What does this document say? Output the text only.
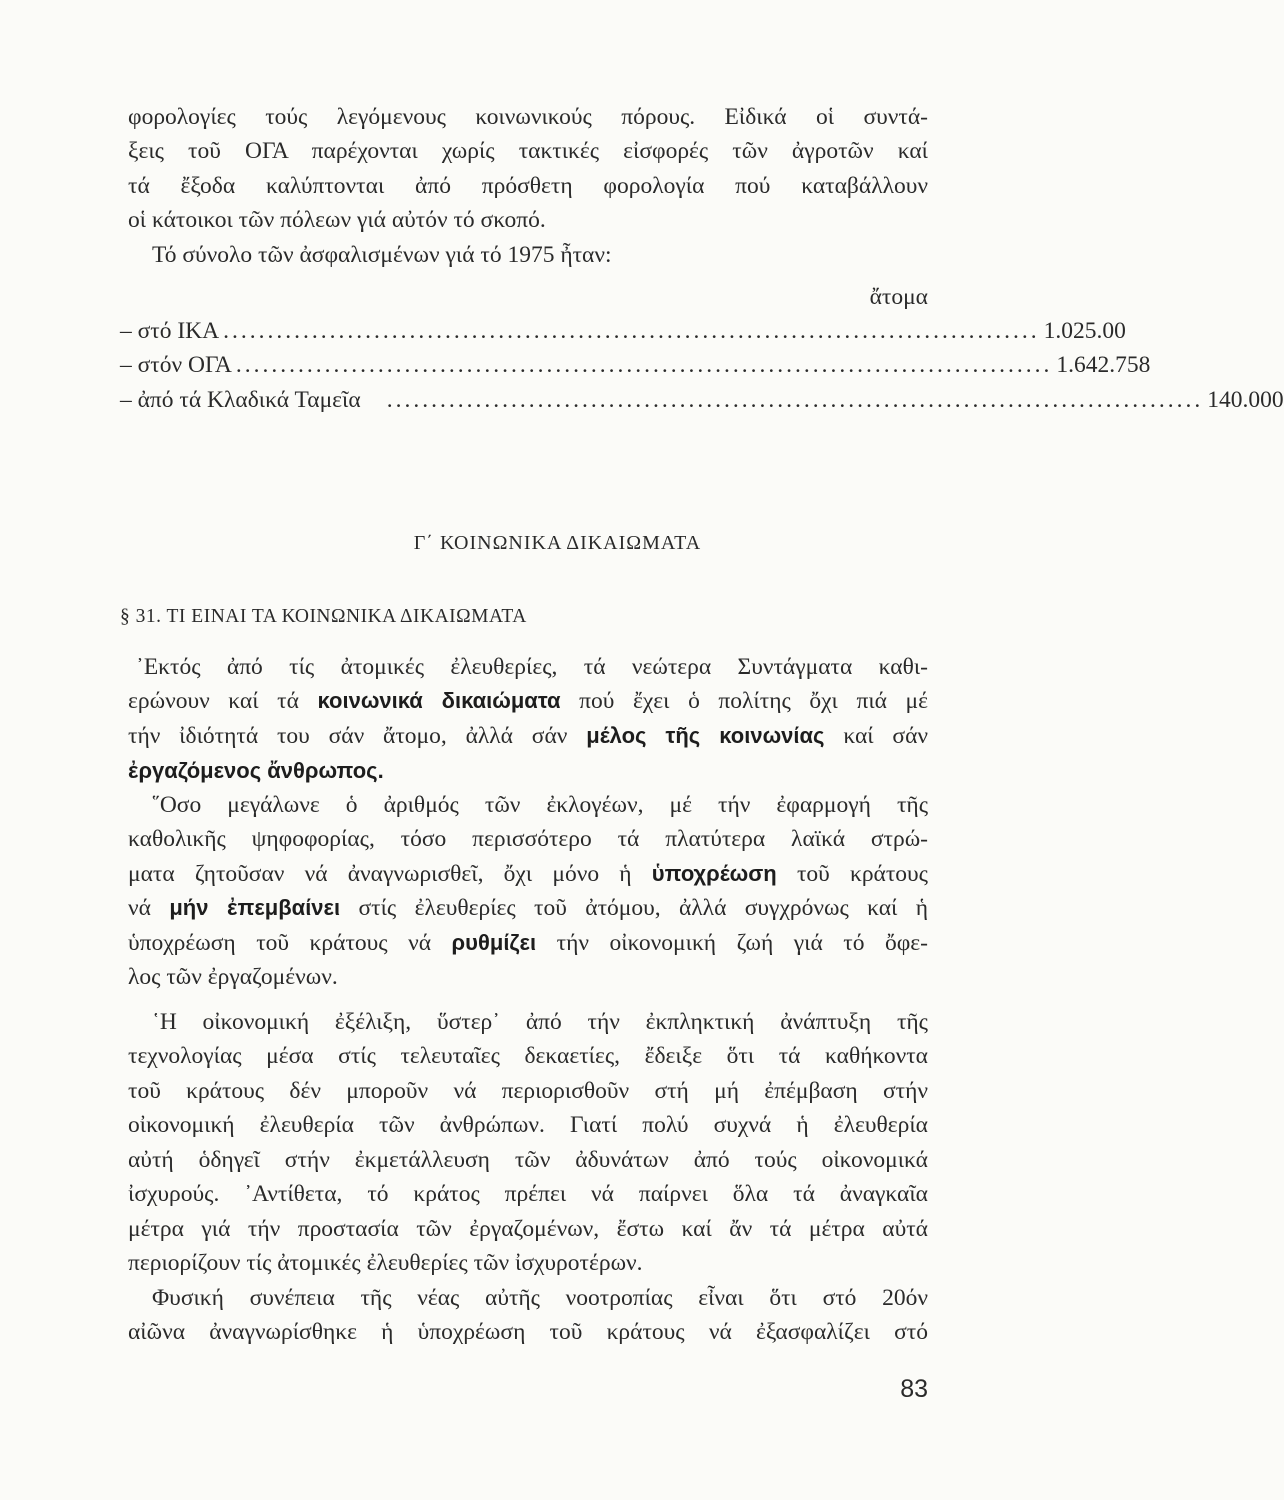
φορολογίες τούς λεγόμενους κοινωνικούς πόρους. Εἰδικά οἱ συντά-
ξεις τοῦ ΟΓΑ παρέχονται χωρίς τακτικές εἰσφορές τῶν ἀγροτῶν καί
τά ἔξοδα καλύπτονται ἀπό πρόσθετη φορολογία πού καταβάλλουν
οἱ κάτοικοι τῶν πόλεων γιά αὐτόν τό σκοπό.
Τό σύνολο τῶν ἀσφαλισμένων γιά τό 1975 ἦταν:
ἄτομα
– στό ΙΚΑ ............................................................................................ 1.025.00
– στόν ΟΓΑ ............................................................................................ 1.642.758
– ἀπό τά Κλαδικά Ταμεῖα ............................................................................................ 140.000
Γ΄ ΚΟΙΝΩΝΙΚΑ ΔΙΚΑΙΩΜΑΤΑ
§ 31. ΤΙ ΕΙΝΑΙ ΤΑ ΚΟΙΝΩΝΙΚΑ ΔΙΚΑΙΩΜΑΤΑ
᾿Εκτός ἀπό τίς ἀτομικές ἐλευθερίες, τά νεώτερα Συντάγματα καθι-
ερώνουν καί τά κοινωνικά δικαιώματα πού ἔχει ὁ πολίτης ὄχι πιά μέ
τήν ἰδιότητά του σάν ἄτομο, ἀλλά σάν μέλος τῆς κοινωνίας καί σάν
ἐργαζόμενος ἄνθρωπος.
῞Οσο μεγάλωνε ὁ ἀριθμός τῶν ἐκλογέων, μέ τήν ἐφαρμογή τῆς
καθολικῆς ψηφοφορίας, τόσο περισσότερο τά πλατύτερα λαϊκά στρώ-
ματα ζητοῦσαν νά ἀναγνωρισθεῖ, ὄχι μόνο ἡ ὑποχρέωση τοῦ κράτους
νά μήν ἐπεμβαίνει στίς ἐλευθερίες τοῦ ἀτόμου, ἀλλά συγχρόνως καί ἡ
ὑποχρέωση τοῦ κράτους νά ρυθμίζει τήν οἰκονομική ζωή γιά τό ὄφε-
λος τῶν ἐργαζομένων.
῾Η οἰκονομική ἐξέλιξη, ὕστερ᾿ ἀπό τήν ἐκπληκτική ἀνάπτυξη τῆς
τεχνολογίας μέσα στίς τελευταῖες δεκαετίες, ἔδειξε ὅτι τά καθήκοντα
τοῦ κράτους δέν μποροῦν νά περιορισθοῦν στή μή ἐπέμβαση στήν
οἰκονομική ἐλευθερία τῶν ἀνθρώπων. Γιατί πολύ συχνά ἡ ἐλευθερία
αὐτή ὁδηγεῖ στήν ἐκμετάλλευση τῶν ἀδυνάτων ἀπό τούς οἰκονομικά
ἰσχυρούς. ᾿Αντίθετα, τό κράτος πρέπει νά παίρνει ὅλα τά ἀναγκαῖα
μέτρα γιά τήν προστασία τῶν ἐργαζομένων, ἔστω καί ἄν τά μέτρα αὐτά
περιορίζουν τίς ἀτομικές ἐλευθερίες τῶν ἰσχυροτέρων.
Φυσική συνέπεια τῆς νέας αὐτῆς νοοτροπίας εἶναι ὅτι στό 20όν
αἰῶνα ἀναγνωρίσθηκε ἡ ὑποχρέωση τοῦ κράτους νά ἐξασφαλίζει στό
83
